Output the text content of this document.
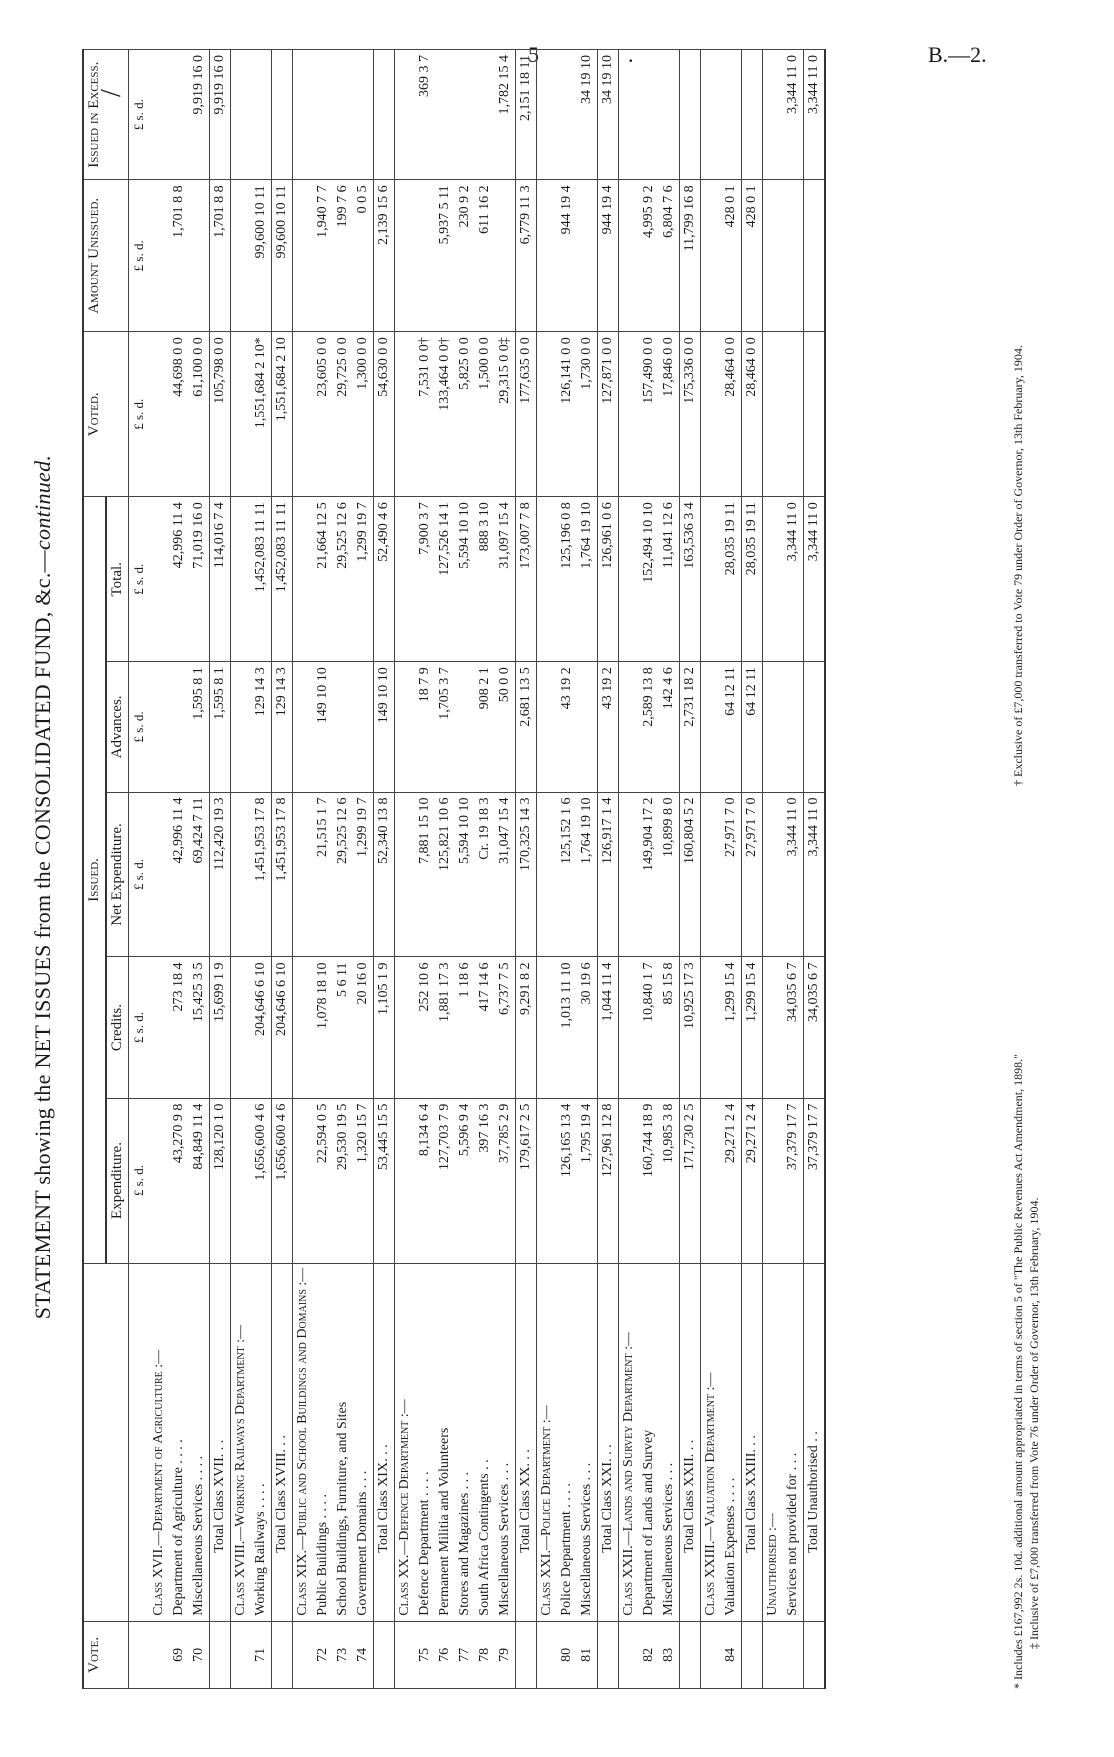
5	.	B.—2.
STATEMENT showing the NET ISSUES from the CONSOLIDATED FUND, &c.—continued.
/
Vote.		Issued.					Voted.	Amount Unissued.	Issued in Excess.
		Expenditure.	Credits.	Net Expenditure.	Advances.	Total.			
		£ s. d.	£ s. d.	£ s. d.	£ s. d.	£ s. d.	£ s. d.	£ s. d.	£ s. d.
	Class XVII.—Department of Agriculture :—								
69	Department of Agriculture . . . .	43,270 9 8	273 18 4	42,996 11 4		42,996 11 4	44,698 0 0	1,701 8 8	
70	Miscellaneous Services . . . .	84,849 11 4	15,425 3 5	69,424 7 11	1,595 8 1	71,019 16 0	61,100 0 0		9,919 16 0
	Total Class XVII. . .	128,120 1 0	15,699 1 9	112,420 19 3	1,595 8 1	114,016 7 4	105,798 0 0	1,701 8 8	9,919 16 0
	Class XVIII.—Working Railways Department :—								
71	Working Railways . . . .	1,656,600 4 6	204,646 6 10	1,451,953 17 8	129 14 3	1,452,083 11 11	1,551,684 2 10*	99,600 10 11	
	Total Class XVIII. . .	1,656,600 4 6	204,646 6 10	1,451,953 17 8	129 14 3	1,452,083 11 11	1,551,684 2 10	99,600 10 11	
	Class XIX.—Public and School Buildings and Domains :—								
72	Public Buildings . . . .	22,594 0 5	1,078 18 10	21,515 1 7	149 10 10	21,664 12 5	23,605 0 0	1,940 7 7	
73	School Buildings, Furniture, and Sites	29,530 19 5	5 6 11	29,525 12 6		29,525 12 6	29,725 0 0	199 7 6	
74	Government Domains . . .	1,320 15 7	20 16 0	1,299 19 7		1,299 19 7	1,300 0 0	0 0 5	
	Total Class XIX. . .	53,445 15 5	1,105 1 9	52,340 13 8	149 10 10	52,490 4 6	54,630 0 0	2,139 15 6	
	Class XX.—Defence Department :—								
75	Defence Department . . . .	8,134 6 4	252 10 6	7,881 15 10	18 7 9	7,900 3 7	7,531 0 0†		369 3 7
76	Permanent Militia and Volunteers	127,703 7 9	1,881 17 3	125,821 10 6	1,705 3 7	127,526 14 1	133,464 0 0†	5,937 5 11	
77	Stores and Magazines . . .	5,596 9 4	1 18 6	5,594 10 10		5,594 10 10	5,825 0 0	230 9 2	
78	South Africa Contingents . .	397 16 3	417 14 6	Cr. 19 18 3	908 2 1	888 3 10	1,500 0 0	611 16 2	
79	Miscellaneous Services . . .	37,785 2 9	6,737 7 5	31,047 15 4	50 0 0	31,097 15 4	29,315 0 0‡		1,782 15 4
	Total Class XX. . .	179,617 2 5	9,291 8 2	170,325 14 3	2,681 13 5	173,007 7 8	177,635 0 0	6,779 11 3	2,151 18 11
	Class XXI.—Police Department :—								
80	Police Department . . . .	126,165 13 4	1,013 11 10	125,152 1 6	43 19 2	125,196 0 8	126,141 0 0	944 19 4	
81	Miscellaneous Services . . .	1,795 19 4	30 19 6	1,764 19 10		1,764 19 10	1,730 0 0		34 19 10
	Total Class XXI. . .	127,961 12 8	1,044 11 4	126,917 1 4	43 19 2	126,961 0 6	127,871 0 0	944 19 4	34 19 10
	Class XXII.—Lands and Survey Department :—								
82	Department of Lands and Survey	160,744 18 9	10,840 1 7	149,904 17 2	2,589 13 8	152,494 10 10	157,490 0 0	4,995 9 2	
83	Miscellaneous Services . . .	10,985 3 8	85 15 8	10,899 8 0	142 4 6	11,041 12 6	17,846 0 0	6,804 7 6	
	Total Class XXII. . .	171,730 2 5	10,925 17 3	160,804 5 2	2,731 18 2	163,536 3 4	175,336 0 0	11,799 16 8	
	Class XXIII.—Valuation Department :—								
84	Valuation Expenses . . . .	29,271 2 4	1,299 15 4	27,971 7 0	64 12 11	28,035 19 11	28,464 0 0	428 0 1	
	Total Class XXIII. . .	29,271 2 4	1,299 15 4	27,971 7 0	64 12 11	28,035 19 11	28,464 0 0	428 0 1	
	Unauthorised :—								
	Services not provided for . . .	37,379 17 7	34,035 6 7	3,344 11 0		3,344 11 0			3,344 11 0
	Total Unauthorised . .	37,379 17 7	34,035 6 7	3,344 11 0		3,344 11 0			3,344 11 0
* Includes £167,992 2s. 10d. additional amount appropriated in terms of section 5 of "The Public Revenues Act Amendment, 1898." † Exclusive of £7,000 transferred to Vote 79 under Order of Governor, 13th February, 1904.
‡ Inclusive of £7,000 transferred from Vote 76 under Order of Governor, 13th February, 1904.
